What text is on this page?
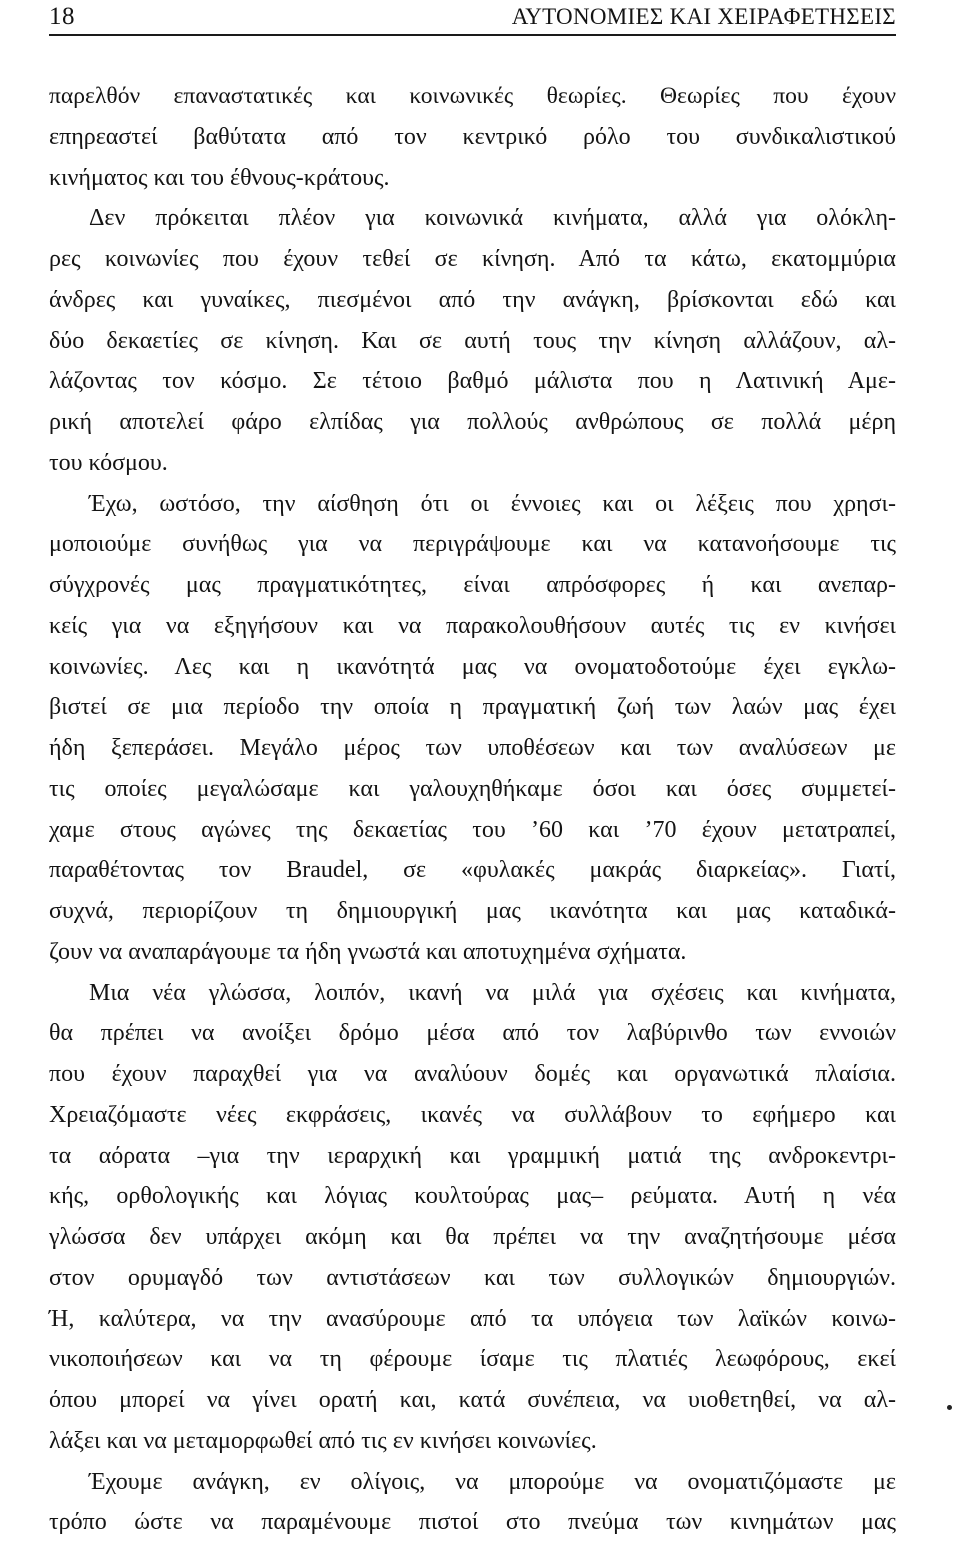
18	ΑΥΤΟΝΟΜΙΕΣ ΚΑΙ ΧΕΙΡΑΦΕΤΗΣΕΙΣ
παρελθόν επαναστατικές και κοινωνικές θεωρίες. Θεωρίες που έχουν
επηρεαστεί βαθύτατα από τον κεντρικό ρόλο του συνδικαλιστικού
κινήματος και του έθνους-κράτους.
Δεν πρόκειται πλέον για κοινωνικά κινήματα, αλλά για ολόκλη-
ρες κοινωνίες που έχουν τεθεί σε κίνηση. Από τα κάτω, εκατομμύρια
άνδρες και γυναίκες, πιεσμένοι από την ανάγκη, βρίσκονται εδώ και
δύο δεκαετίες σε κίνηση. Και σε αυτή τους την κίνηση αλλάζουν, αλ-
λάζοντας τον κόσμο. Σε τέτοιο βαθμό μάλιστα που η Λατινική Αμε-
ρική αποτελεί φάρο ελπίδας για πολλούς ανθρώπους σε πολλά μέρη
του κόσμου.
Έχω, ωστόσο, την αίσθηση ότι οι έννοιες και οι λέξεις που χρησι-
μοποιούμε συνήθως για να περιγράψουμε και να κατανοήσουμε τις
σύγχρονές μας πραγματικότητες, είναι απρόσφορες ή και ανεπαρ-
κείς για να εξηγήσουν και να παρακολουθήσουν αυτές τις εν κινήσει
κοινωνίες. Λες και η ικανότητά μας να ονοματοδοτούμε έχει εγκλω-
βιστεί σε μια περίοδο την οποία η πραγματική ζωή των λαών μας έχει
ήδη ξεπεράσει. Μεγάλο μέρος των υποθέσεων και των αναλύσεων με
τις οποίες μεγαλώσαμε και γαλουχηθήκαμε όσοι και όσες συμμετεί-
χαμε στους αγώνες της δεκαετίας του ’60 και ’70 έχουν μετατραπεί,
παραθέτοντας τον Braudel, σε «φυλακές μακράς διαρκείας». Γιατί,
συχνά, περιορίζουν τη δημιουργική μας ικανότητα και μας καταδικά-
ζουν να αναπαράγουμε τα ήδη γνωστά και αποτυχημένα σχήματα.
Μια νέα γλώσσα, λοιπόν, ικανή να μιλά για σχέσεις και κινήματα,
θα πρέπει να ανοίξει δρόμο μέσα από τον λαβύρινθο των εννοιών
που έχουν παραχθεί για να αναλύουν δομές και οργανωτικά πλαίσια.
Χρειαζόμαστε νέες εκφράσεις, ικανές να συλλάβουν το εφήμερο και
τα αόρατα –για την ιεραρχική και γραμμική ματιά της ανδροκεντρι-
κής, ορθολογικής και λόγιας κουλτούρας μας– ρεύματα. Αυτή η νέα
γλώσσα δεν υπάρχει ακόμη και θα πρέπει να την αναζητήσουμε μέσα
στον ορυμαγδό των αντιστάσεων και των συλλογικών δημιουργιών.
Ή, καλύτερα, να την ανασύρουμε από τα υπόγεια των λαϊκών κοινω-
νικοποιήσεων και να τη φέρουμε ίσαμε τις πλατιές λεωφόρους, εκεί
όπου μπορεί να γίνει ορατή και, κατά συνέπεια, να υιοθετηθεί, να αλ-
λάξει και να μεταμορφωθεί από τις εν κινήσει κοινωνίες.
Έχουμε ανάγκη, εν ολίγοις, να μπορούμε να ονοματιζόμαστε με
τρόπο ώστε να παραμένουμε πιστοί στο πνεύμα των κινημάτων μας
